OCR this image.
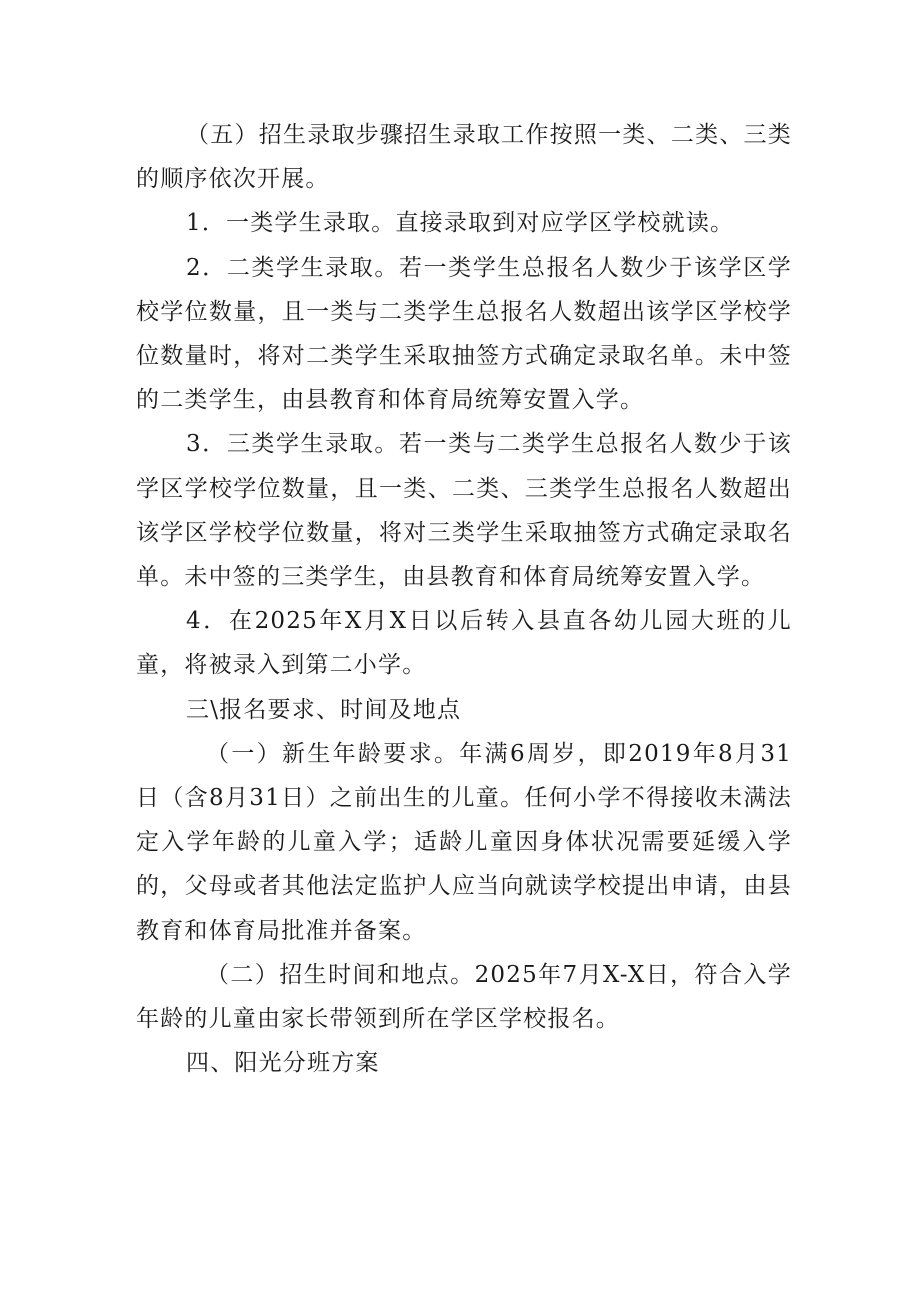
（五）招生录取步骤招生录取工作按照一类、二类、三类的顺序依次开展。

1．一类学生录取。直接录取到对应学区学校就读。

2．二类学生录取。若一类学生总报名人数少于该学区学校学位数量，且一类与二类学生总报名人数超出该学区学校学位数量时，将对二类学生采取抽签方式确定录取名单。未中签的二类学生，由县教育和体育局统筹安置入学。

3．三类学生录取。若一类与二类学生总报名人数少于该学区学校学位数量，且一类、二类、三类学生总报名人数超出该学区学校学位数量，将对三类学生采取抽签方式确定录取名单。未中签的三类学生，由县教育和体育局统筹安置入学。

4．在2025年X月X日以后转入县直各幼儿园大班的儿童，将被录入到第二小学。

三\报名要求、时间及地点

（一）新生年龄要求。年满6周岁，即2019年8月31日（含8月31日）之前出生的儿童。任何小学不得接收未满法定入学年龄的儿童入学；适龄儿童因身体状况需要延缓入学的，父母或者其他法定监护人应当向就读学校提出申请，由县教育和体育局批准并备案。

（二）招生时间和地点。2025年7月X-X日，符合入学年龄的儿童由家长带领到所在学区学校报名。

四、阳光分班方案
